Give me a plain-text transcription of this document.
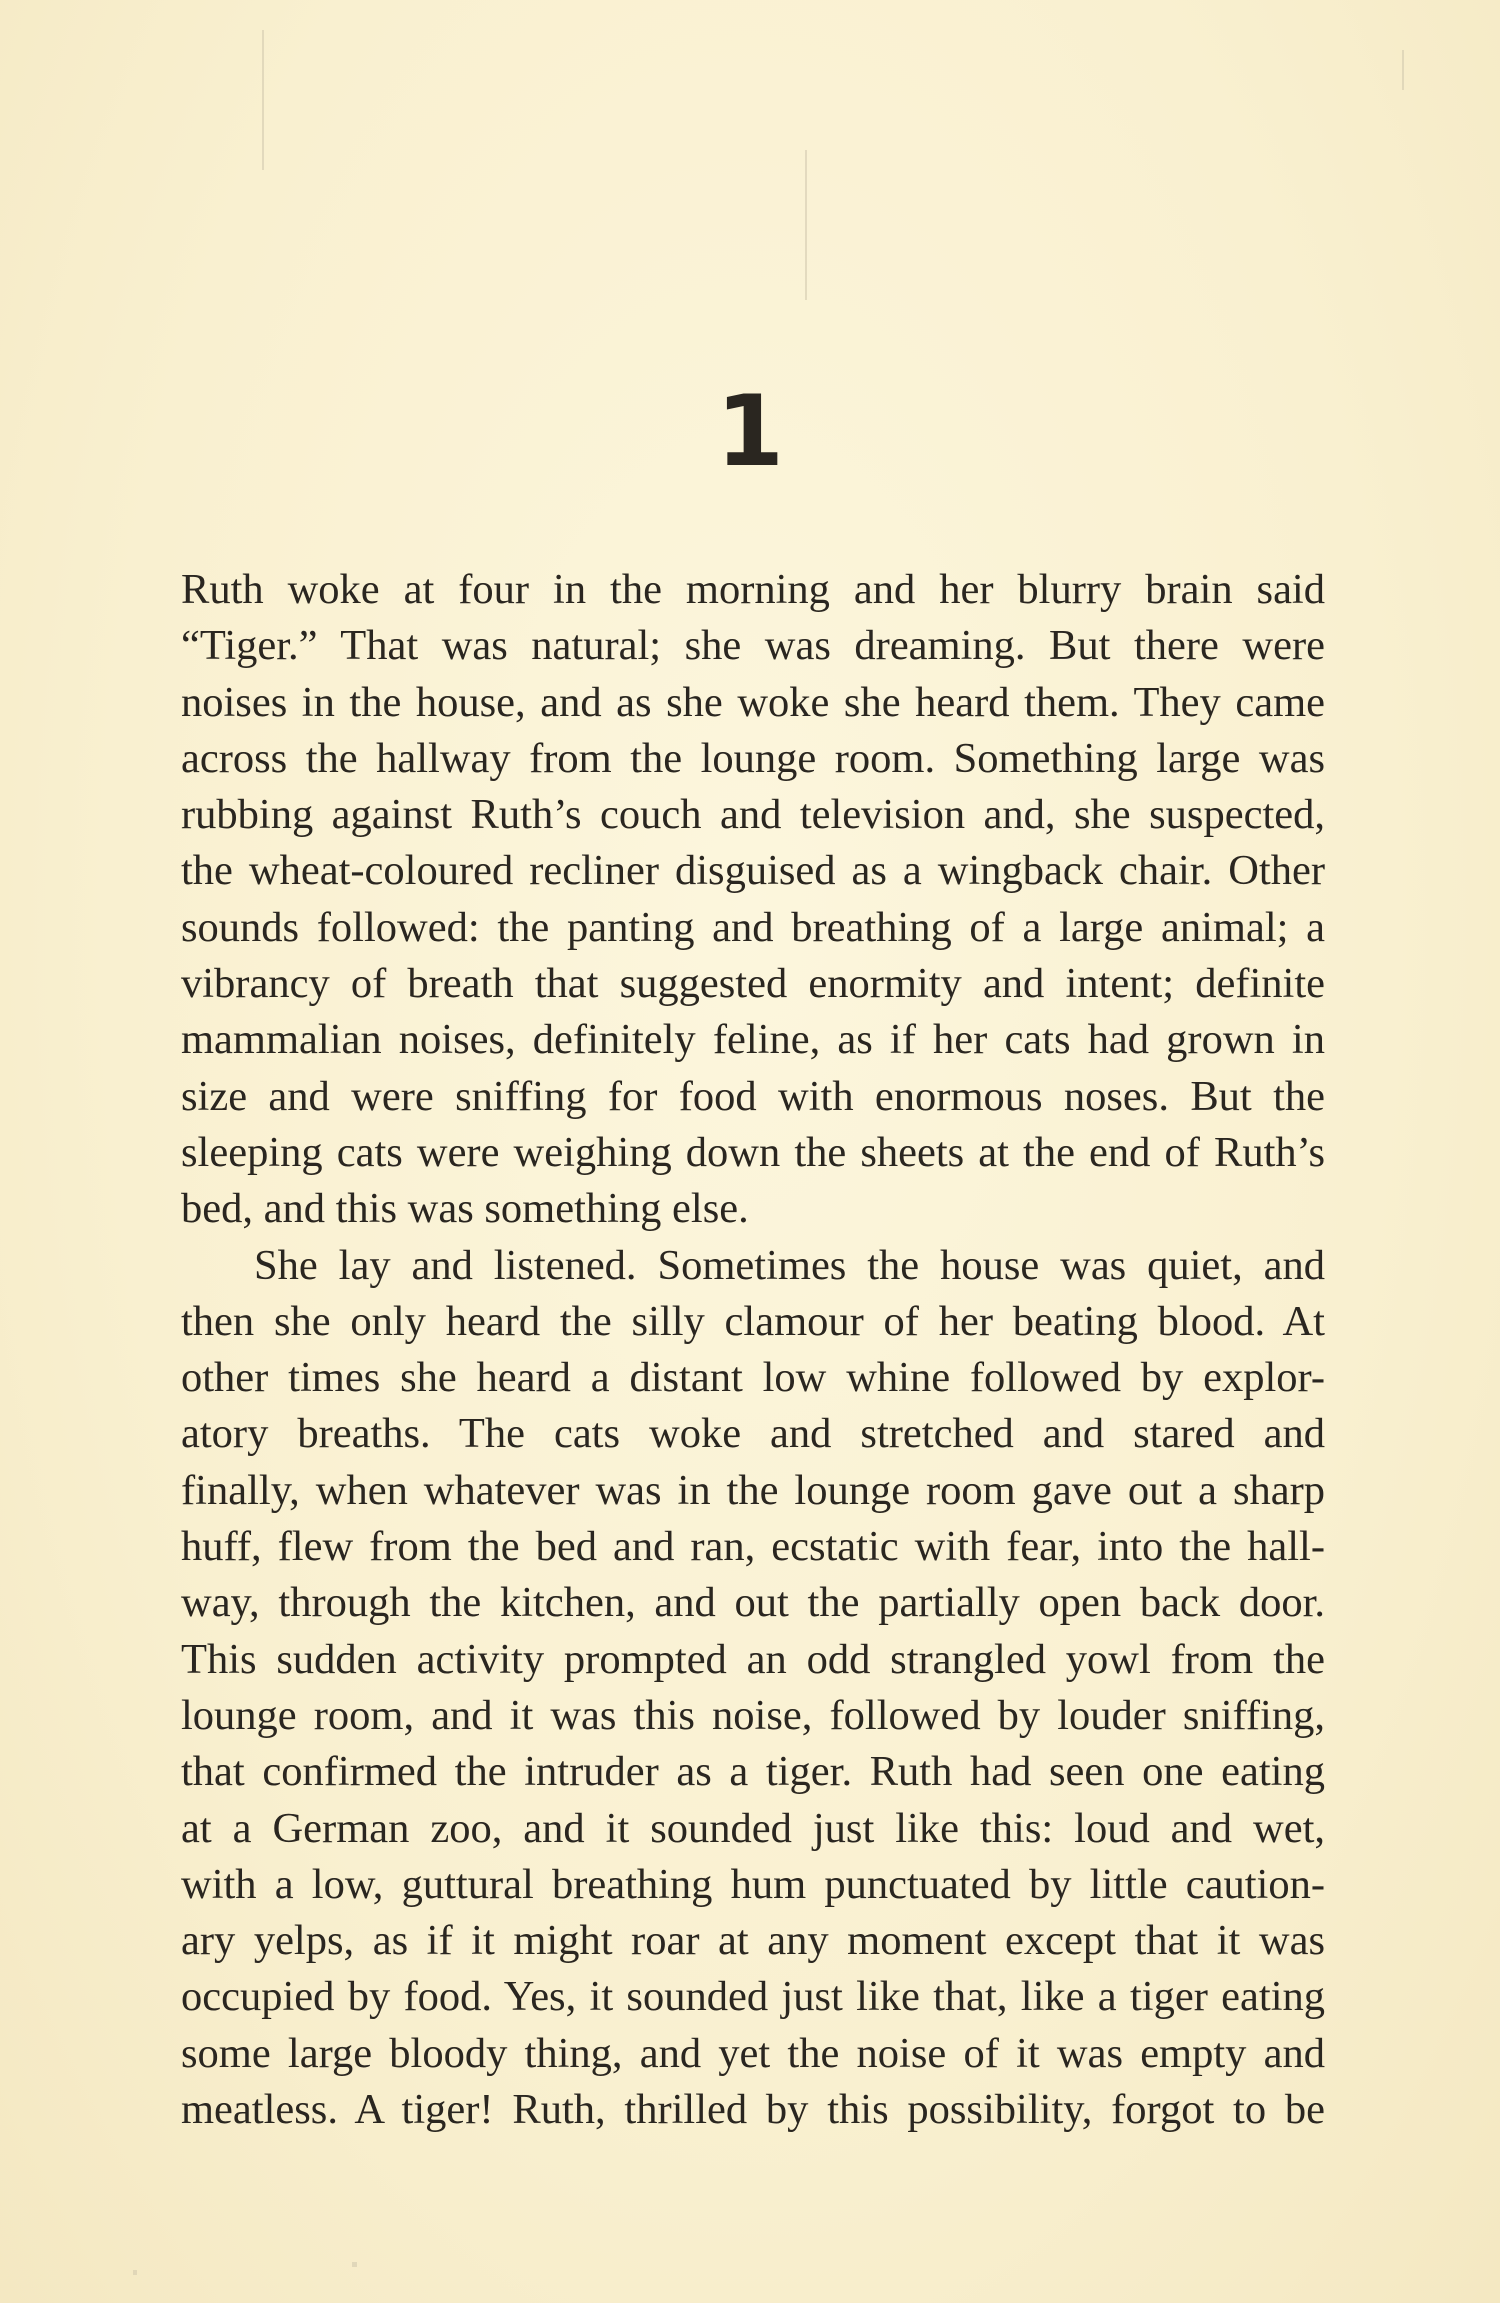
1
Ruth woke at four in the morning and her blurry brain said
“Tiger.” That was natural; she was dreaming. But there were
noises in the house, and as she woke she heard them. They came
across the hallway from the lounge room. Something large was
rubbing against Ruth’s couch and television and, she suspected,
the wheat-coloured recliner disguised as a wingback chair. Other
sounds followed: the panting and breathing of a large animal; a
vibrancy of breath that suggested enormity and intent; definite
mammalian noises, definitely feline, as if her cats had grown in
size and were sniffing for food with enormous noses. But the
sleeping cats were weighing down the sheets at the end of Ruth’s
bed, and this was something else.
She lay and listened. Sometimes the house was quiet, and
then she only heard the silly clamour of her beating blood. At
other times she heard a distant low whine followed by explor-
atory breaths. The cats woke and stretched and stared and
finally, when whatever was in the lounge room gave out a sharp
huff, flew from the bed and ran, ecstatic with fear, into the hall-
way, through the kitchen, and out the partially open back door.
This sudden activity prompted an odd strangled yowl from the
lounge room, and it was this noise, followed by louder sniffing,
that confirmed the intruder as a tiger. Ruth had seen one eating
at a German zoo, and it sounded just like this: loud and wet,
with a low, guttural breathing hum punctuated by little caution-
ary yelps, as if it might roar at any moment except that it was
occupied by food. Yes, it sounded just like that, like a tiger eating
some large bloody thing, and yet the noise of it was empty and
meatless. A tiger! Ruth, thrilled by this possibility, forgot to be
